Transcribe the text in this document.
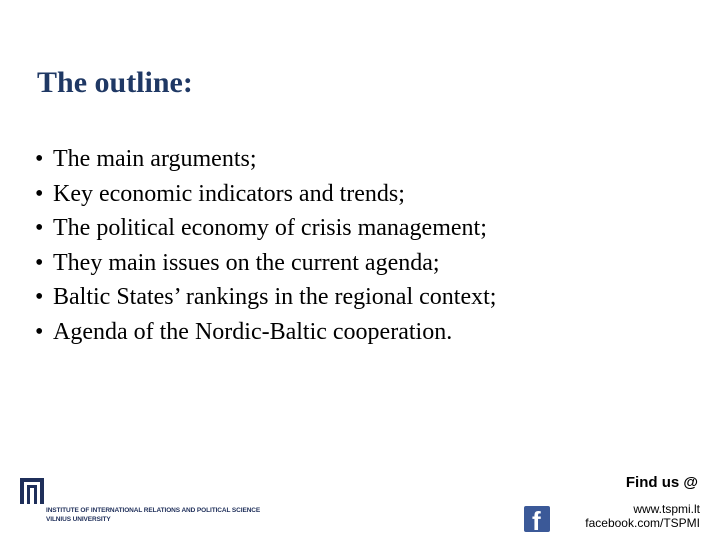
The outline:
• The main arguments;
• Key economic indicators and trends;
• The political economy of crisis management;
• They main issues on the current agenda;
• Baltic States’ rankings in the regional context;
• Agenda of the Nordic-Baltic cooperation.
INSTITUTE OF INTERNATIONAL RELATIONS AND POLITICAL SCIENCE
VILNIUS UNIVERSITY
Find us @
f	www.tspmi.lt
facebook.com/TSPMI
